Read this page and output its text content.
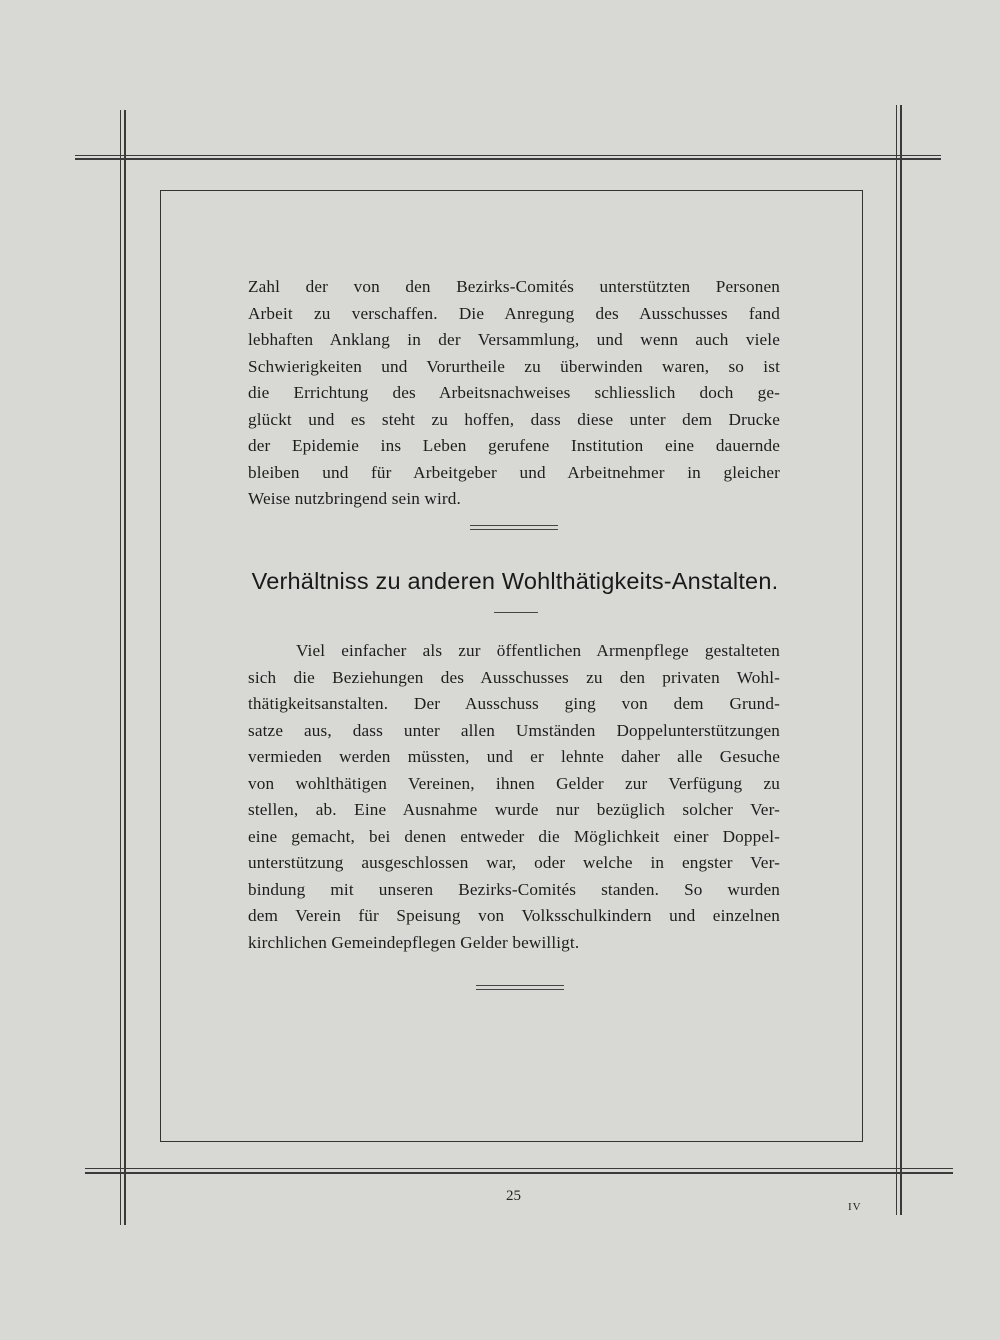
Zahl der von den Bezirks-Comités unterstützten Personen
Arbeit zu verschaffen. Die Anregung des Ausschusses fand
lebhaften Anklang in der Versammlung, und wenn auch viele
Schwierigkeiten und Vorurtheile zu überwinden waren, so ist
die Errichtung des Arbeitsnachweises schliesslich doch ge-
glückt und es steht zu hoffen, dass diese unter dem Drucke
der Epidemie ins Leben gerufene Institution eine dauernde
bleiben und für Arbeitgeber und Arbeitnehmer in gleicher
Weise nutzbringend sein wird.
Verhältniss zu anderen Wohlthätigkeits-Anstalten.
Viel einfacher als zur öffentlichen Armenpflege gestalteten
sich die Beziehungen des Ausschusses zu den privaten Wohl-
thätigkeitsanstalten. Der Ausschuss ging von dem Grund-
satze aus, dass unter allen Umständen Doppelunterstützungen
vermieden werden müssten, und er lehnte daher alle Gesuche
von wohlthätigen Vereinen, ihnen Gelder zur Verfügung zu
stellen, ab. Eine Ausnahme wurde nur bezüglich solcher Ver-
eine gemacht, bei denen entweder die Möglichkeit einer Doppel-
unterstützung ausgeschlossen war, oder welche in engster Ver-
bindung mit unseren Bezirks-Comités standen. So wurden
dem Verein für Speisung von Volksschulkindern und einzelnen
kirchlichen Gemeindepflegen Gelder bewilligt.
25
IV
